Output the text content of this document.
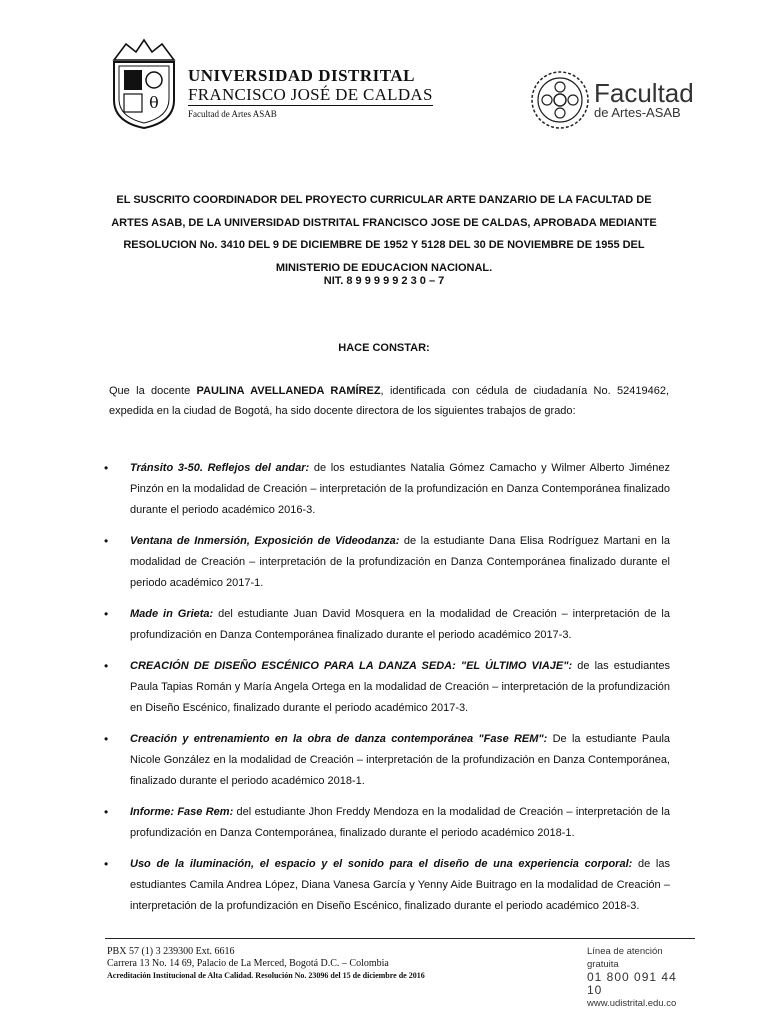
θ
UNIVERSIDAD DISTRITAL
FRANCISCO JOSÉ DE CALDAS
Facultad de Artes ASAB
Facultad
de Artes-ASAB
EL SUSCRITO COORDINADOR DEL PROYECTO CURRICULAR ARTE DANZARIO DE LA FACULTAD DE ARTES ASAB, DE LA UNIVERSIDAD DISTRITAL FRANCISCO JOSE DE CALDAS, APROBADA MEDIANTE RESOLUCION No. 3410 DEL 9 DE DICIEMBRE DE 1952 Y 5128 DEL 30 DE NOVIEMBRE DE 1955 DEL MINISTERIO DE EDUCACION NACIONAL.
NIT. 8 9 9 9 9 9 2 3 0 – 7
HACE CONSTAR:
Que la docente PAULINA AVELLANEDA RAMÍREZ, identificada con cédula de ciudadanía No. 52419462, expedida en la ciudad de Bogotá, ha sido docente directora de los siguientes trabajos de grado:
• Tránsito 3-50. Reflejos del andar: de los estudiantes Natalia Gómez Camacho y Wilmer Alberto Jiménez Pinzón en la modalidad de Creación – interpretación de la profundización en Danza Contemporánea finalizado durante el periodo académico 2016-3.
• Ventana de Inmersión, Exposición de Videodanza: de la estudiante Dana Elisa Rodríguez Martani en la modalidad de Creación – interpretación de la profundización en Danza Contemporánea finalizado durante el periodo académico 2017-1.
• Made in Grieta: del estudiante Juan David Mosquera en la modalidad de Creación – interpretación de la profundización en Danza Contemporánea finalizado durante el periodo académico 2017-3.
• CREACIÓN DE DISEÑO ESCÉNICO PARA LA DANZA SEDA: "EL ÚLTIMO VIAJE": de las estudiantes Paula Tapias Román y María Angela Ortega en la modalidad de Creación – interpretación de la profundización en Diseño Escénico, finalizado durante el periodo académico 2017-3.
• Creación y entrenamiento en la obra de danza contemporánea "Fase REM": De la estudiante Paula Nicole González en la modalidad de Creación – interpretación de la profundización en Danza Contemporánea, finalizado durante el periodo académico 2018-1.
• Informe: Fase Rem: del estudiante Jhon Freddy Mendoza en la modalidad de Creación – interpretación de la profundización en Danza Contemporánea, finalizado durante el periodo académico 2018-1.
• Uso de la iluminación, el espacio y el sonido para el diseño de una experiencia corporal: de las estudiantes Camila Andrea López, Diana Vanesa García y Yenny Aide Buitrago en la modalidad de Creación – interpretación de la profundización en Diseño Escénico, finalizado durante el periodo académico 2018-3.
PBX 57 (1) 3 239300 Ext. 6616
Carrera 13 No. 14 69, Palacio de La Merced, Bogotá D.C. – Colombia
Acreditación Institucional de Alta Calidad. Resolución No. 23096 del 15 de diciembre de 2016
Línea de atención gratuita
01 800 091 44 10
www.udistrital.edu.co
